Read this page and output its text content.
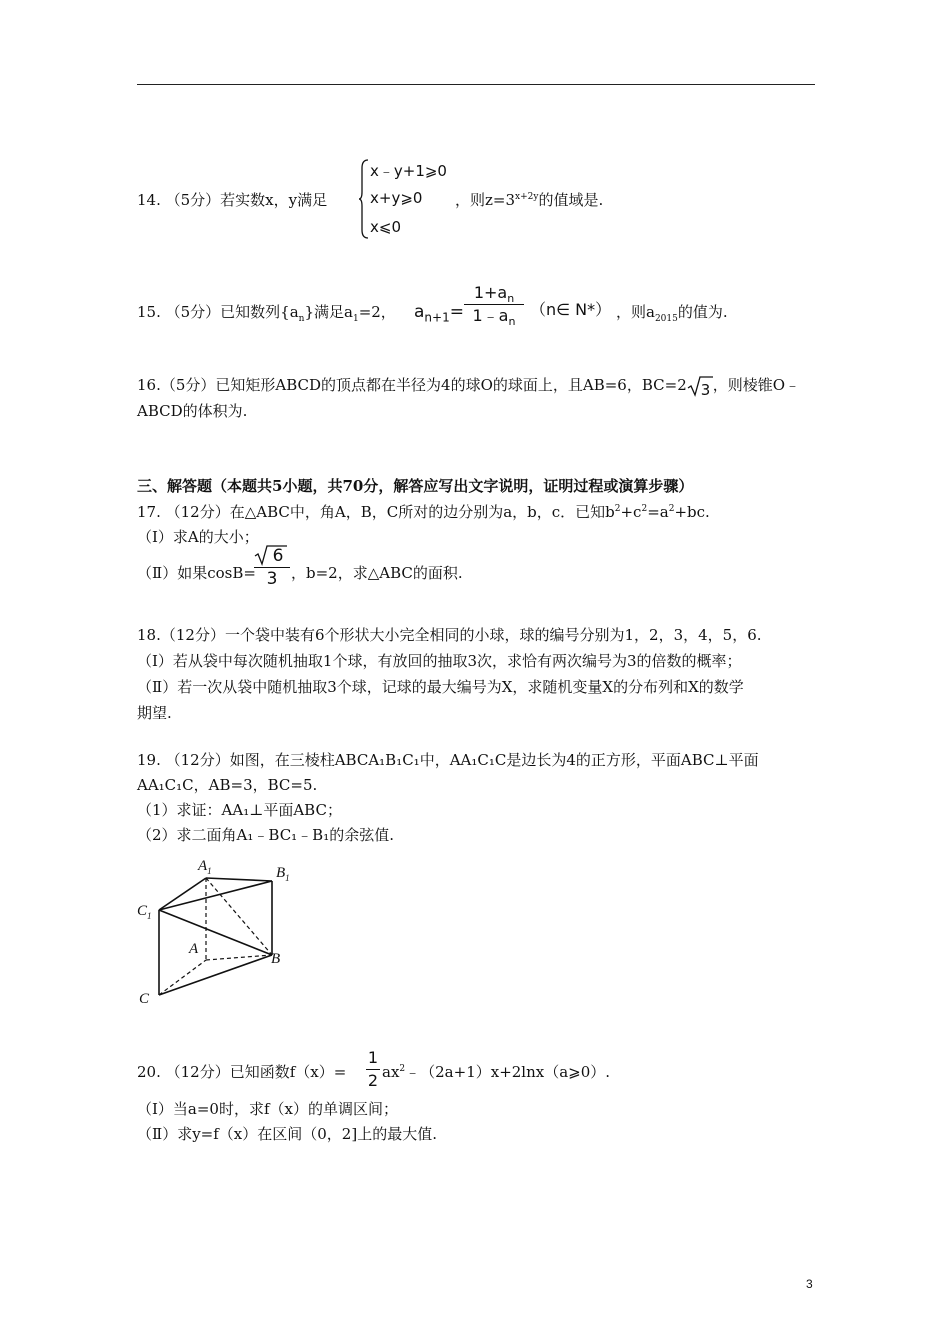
14. （5分）若实数x，y满足
x﹣y+1⩾0
x+y⩾0
x⩽0
，则$z=3^{x+2y}$的值域是.
15. （5分）已知数列$\{a_n\}$满足$a_1=2$， $a_{n+1}=$
$1+a_n$
$1﹣a_n$
（n∈ N*） ，则$a_{2015}$的值为.
16.（5分）已知矩形ABCD的顶点都在半径为4的球O的球面上，且AB=6，BC=2 3 ，则棱锥O﹣
ABCD的体积为.
三、解答题（本题共5小题，共70分，解答应写出文字说明，证明过程或演算步骤）
17. （12分）在△ABC中，角A，B，C所对的边分别为a，b，c．已知$b^2+c^2=a^2+bc$.
（Ⅰ）求A的大小；
（Ⅱ）如果cosB=
6
3 ，b=2，求△ABC的面积.
18.（12分）一个袋中装有6个形状大小完全相同的小球，球的编号分别为1，2，3，4，5，6.
（Ⅰ）若从袋中每次随机抽取1个球，有放回的抽取3次，求恰有两次编号为3的倍数的概率；
（Ⅱ）若一次从袋中随机抽取3个球，记球的最大编号为X，求随机变量X的分布列和X的数学
期望.
19. （12分）如图，在三棱柱ABCA₁B₁C₁中，AA₁C₁C是边长为4的正方形，平面ABC⊥平面
AA₁C₁C，AB=3，BC=5.
（1）求证：AA₁⊥平面ABC；
（2）求二面角A₁﹣BC₁﹣B₁的余弦值.
$A_1$	$B_1$
$C_1$
A
B
C
20. （12分）已知函数f（x）=
1
2 $ax^2﹣(2a+1)x+2\ln x(a⩾0)$.
（Ⅰ）当a=0时，求f（x）的单调区间；
（Ⅱ）求y=f（x）在区间（0，2]上的最大值.
3
